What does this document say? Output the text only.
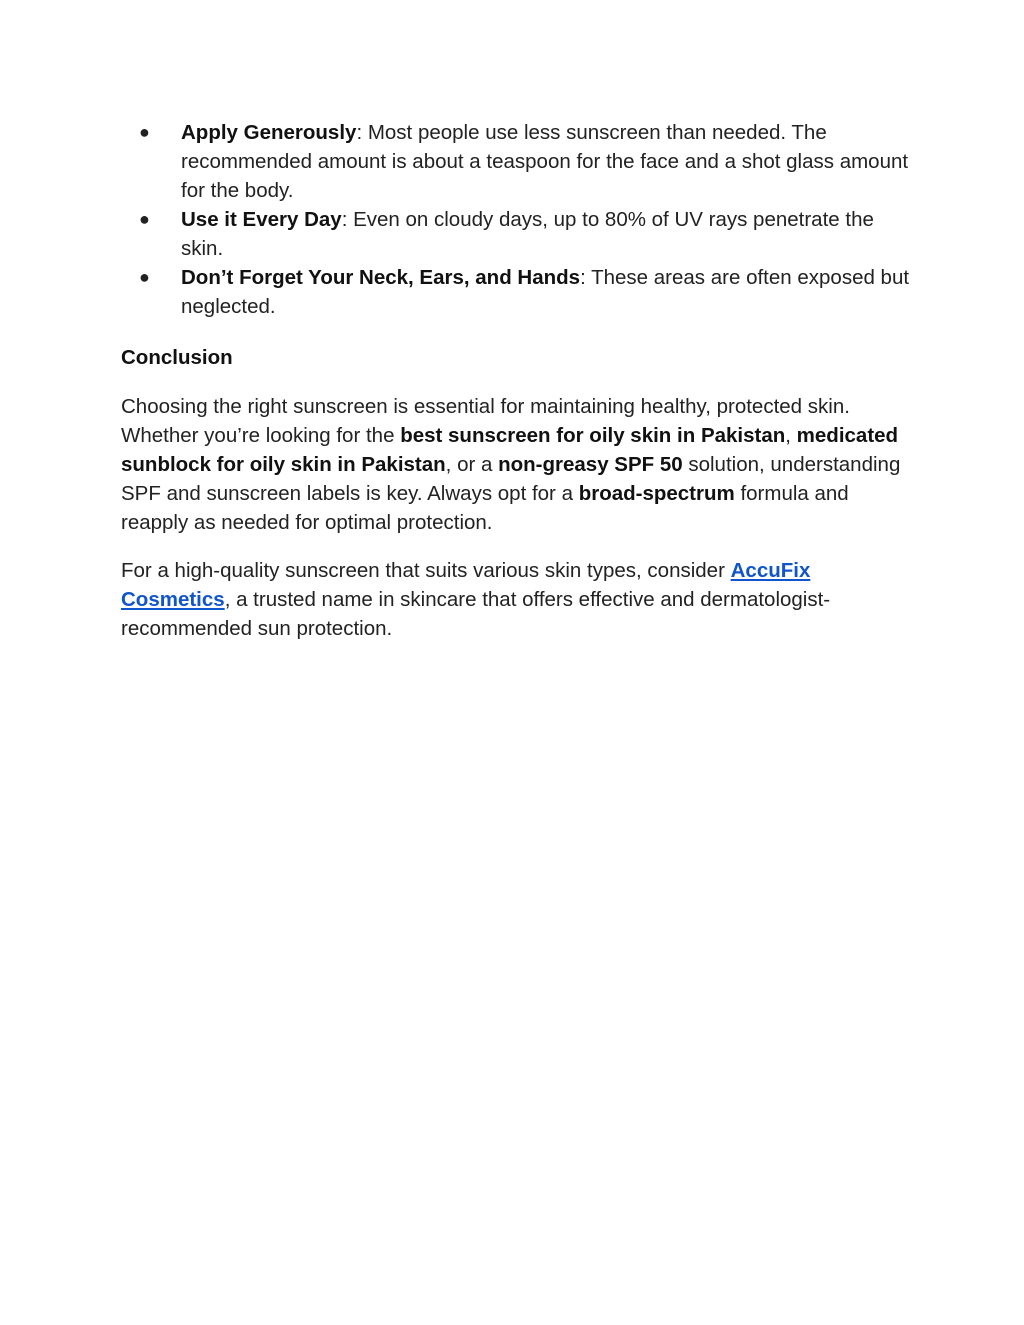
● Apply Generously: Most people use less sunscreen than needed. The recommended amount is about a teaspoon for the face and a shot glass amount for the body.
● Use it Every Day: Even on cloudy days, up to 80% of UV rays penetrate the skin.
● Don’t Forget Your Neck, Ears, and Hands: These areas are often exposed but neglected.
Conclusion

Choosing the right sunscreen is essential for maintaining healthy, protected skin. Whether you’re looking for the best sunscreen for oily skin in Pakistan, medicated sunblock for oily skin in Pakistan, or a non-greasy SPF 50 solution, understanding SPF and sunscreen labels is key. Always opt for a broad-spectrum formula and reapply as needed for optimal protection.

For a high-quality sunscreen that suits various skin types, consider AccuFix Cosmetics, a trusted name in skincare that offers effective and dermatologist-recommended sun protection.
